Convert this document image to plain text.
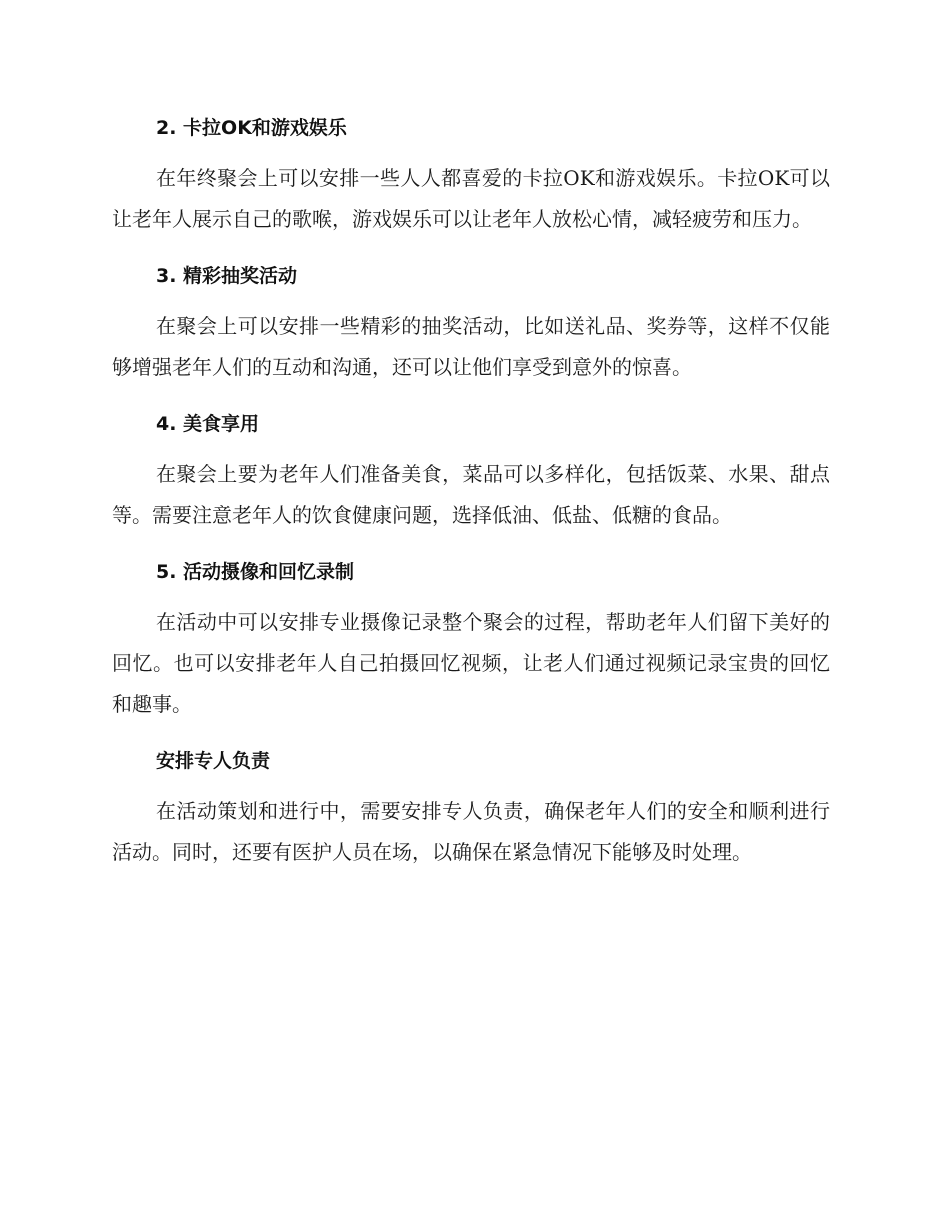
2. 卡拉OK和游戏娱乐

在年终聚会上可以安排一些人人都喜爱的卡拉OK和游戏娱乐。卡拉OK可以让老年人展示自己的歌喉，游戏娱乐可以让老年人放松心情，减轻疲劳和压力。

3. 精彩抽奖活动

在聚会上可以安排一些精彩的抽奖活动，比如送礼品、奖券等，这样不仅能够增强老年人们的互动和沟通，还可以让他们享受到意外的惊喜。

4. 美食享用

在聚会上要为老年人们准备美食，菜品可以多样化，包括饭菜、水果、甜点等。需要注意老年人的饮食健康问题，选择低油、低盐、低糖的食品。

5. 活动摄像和回忆录制

在活动中可以安排专业摄像记录整个聚会的过程，帮助老年人们留下美好的回忆。也可以安排老年人自己拍摄回忆视频，让老人们通过视频记录宝贵的回忆和趣事。

安排专人负责

在活动策划和进行中，需要安排专人负责，确保老年人们的安全和顺利进行活动。同时，还要有医护人员在场，以确保在紧急情况下能够及时处理。
